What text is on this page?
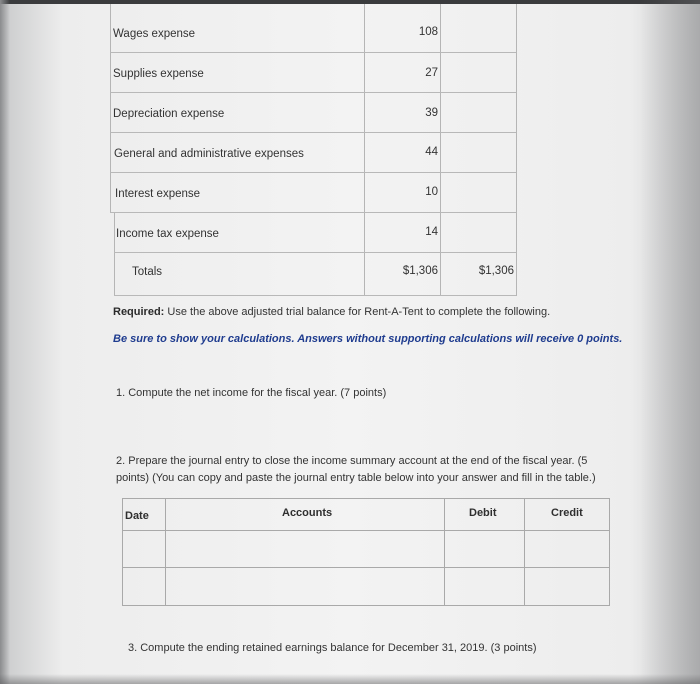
Wages expense	108
Supplies expense	27
Depreciation expense	39
General and administrative expenses	44
Interest expense	10
Income tax expense	14
Totals	$1,306	$1,306
Required: Use the above adjusted trial balance for Rent-A-Tent to complete the following.
Be sure to show your calculations. Answers without supporting calculations will receive 0 points.
1. Compute the net income for the fiscal year. (7 points)
2. Prepare the journal entry to close the income summary account at the end of the fiscal year. (5 points) (You can copy and paste the journal entry table below into your answer and fill in the table.)
Date	Accounts	Debit	Credit
3. Compute the ending retained earnings balance for December 31, 2019. (3 points)
